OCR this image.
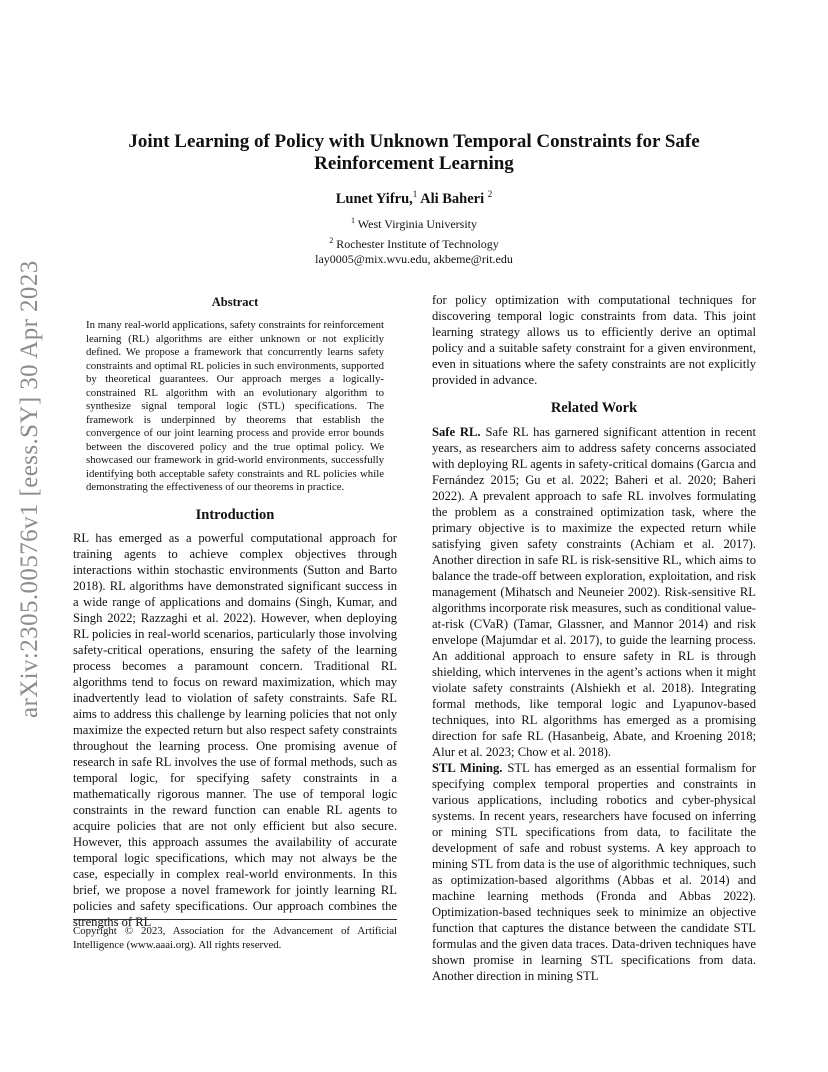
arXiv:2305.00576v1 [eess.SY] 30 Apr 2023
Joint Learning of Policy with Unknown Temporal Constraints for Safe
Reinforcement Learning
Lunet Yifru,$^1$ Ali Baheri $^2$
$^1$ West Virginia University
$^2$ Rochester Institute of Technology
lay0005@mix.wvu.edu, akbeme@rit.edu
Abstract

In many real-world applications, safety constraints for reinforcement learning (RL) algorithms are either unknown or not explicitly defined. We propose a framework that concurrently learns safety constraints and optimal RL policies in such environments, supported by theoretical guarantees. Our approach merges a logically-constrained RL algorithm with an evolutionary algorithm to synthesize signal temporal logic (STL) specifications. The framework is underpinned by theorems that establish the convergence of our joint learning process and provide error bounds between the discovered policy and the true optimal policy. We showcased our framework in grid-world environments, successfully identifying both acceptable safety constraints and RL policies while demonstrating the effectiveness of our theorems in practice.

Introduction

RL has emerged as a powerful computational approach for training agents to achieve complex objectives through interactions within stochastic environments (Sutton and Barto 2018). RL algorithms have demonstrated significant success in a wide range of applications and domains (Singh, Kumar, and Singh 2022; Razzaghi et al. 2022). However, when deploying RL policies in real-world scenarios, particularly those involving safety-critical operations, ensuring the safety of the learning process becomes a paramount concern. Traditional RL algorithms tend to focus on reward maximization, which may inadvertently lead to violation of safety constraints. Safe RL aims to address this challenge by learning policies that not only maximize the expected return but also respect safety constraints throughout the learning process. One promising avenue of research in safe RL involves the use of formal methods, such as temporal logic, for specifying safety constraints in a mathematically rigorous manner. The use of temporal logic constraints in the reward function can enable RL agents to acquire policies that are not only efficient but also secure. However, this approach assumes the availability of accurate temporal logic specifications, which may not always be the case, especially in complex real-world environments. In this brief, we propose a novel framework for jointly learning RL policies and safety specifications. Our approach combines the strengths of RL

Copyright © 2023, Association for the Advancement of Artificial Intelligence (www.aaai.org). All rights reserved.

for policy optimization with computational techniques for discovering temporal logic constraints from data. This joint learning strategy allows us to efficiently derive an optimal policy and a suitable safety constraint for a given environment, even in situations where the safety constraints are not explicitly provided in advance.

Related Work

Safe RL. Safe RL has garnered significant attention in recent years, as researchers aim to address safety concerns associated with deploying RL agents in safety-critical domains (Garcıa and Fernández 2015; Gu et al. 2022; Baheri et al. 2020; Baheri 2022). A prevalent approach to safe RL involves formulating the problem as a constrained optimization task, where the primary objective is to maximize the expected return while satisfying given safety constraints (Achiam et al. 2017). Another direction in safe RL is risk-sensitive RL, which aims to balance the trade-off between exploration, exploitation, and risk management (Mihatsch and Neuneier 2002). Risk-sensitive RL algorithms incorporate risk measures, such as conditional value-at-risk (CVaR) (Tamar, Glassner, and Mannor 2014) and risk envelope (Majumdar et al. 2017), to guide the learning process. An additional approach to ensure safety in RL is through shielding, which intervenes in the agent’s actions when it might violate safety constraints (Alshiekh et al. 2018). Integrating formal methods, like temporal logic and Lyapunov-based techniques, into RL algorithms has emerged as a promising direction for safe RL (Hasanbeig, Abate, and Kroening 2018; Alur et al. 2023; Chow et al. 2018).

STL Mining. STL has emerged as an essential formalism for specifying complex temporal properties and constraints in various applications, including robotics and cyber-physical systems. In recent years, researchers have focused on inferring or mining STL specifications from data, to facilitate the development of safe and robust systems. A key approach to mining STL from data is the use of algorithmic techniques, such as optimization-based algorithms (Abbas et al. 2014) and machine learning methods (Fronda and Abbas 2022). Optimization-based techniques seek to minimize an objective function that captures the distance between the candidate STL formulas and the given data traces. Data-driven techniques have shown promise in learning STL specifications from data. Another direction in mining STL
